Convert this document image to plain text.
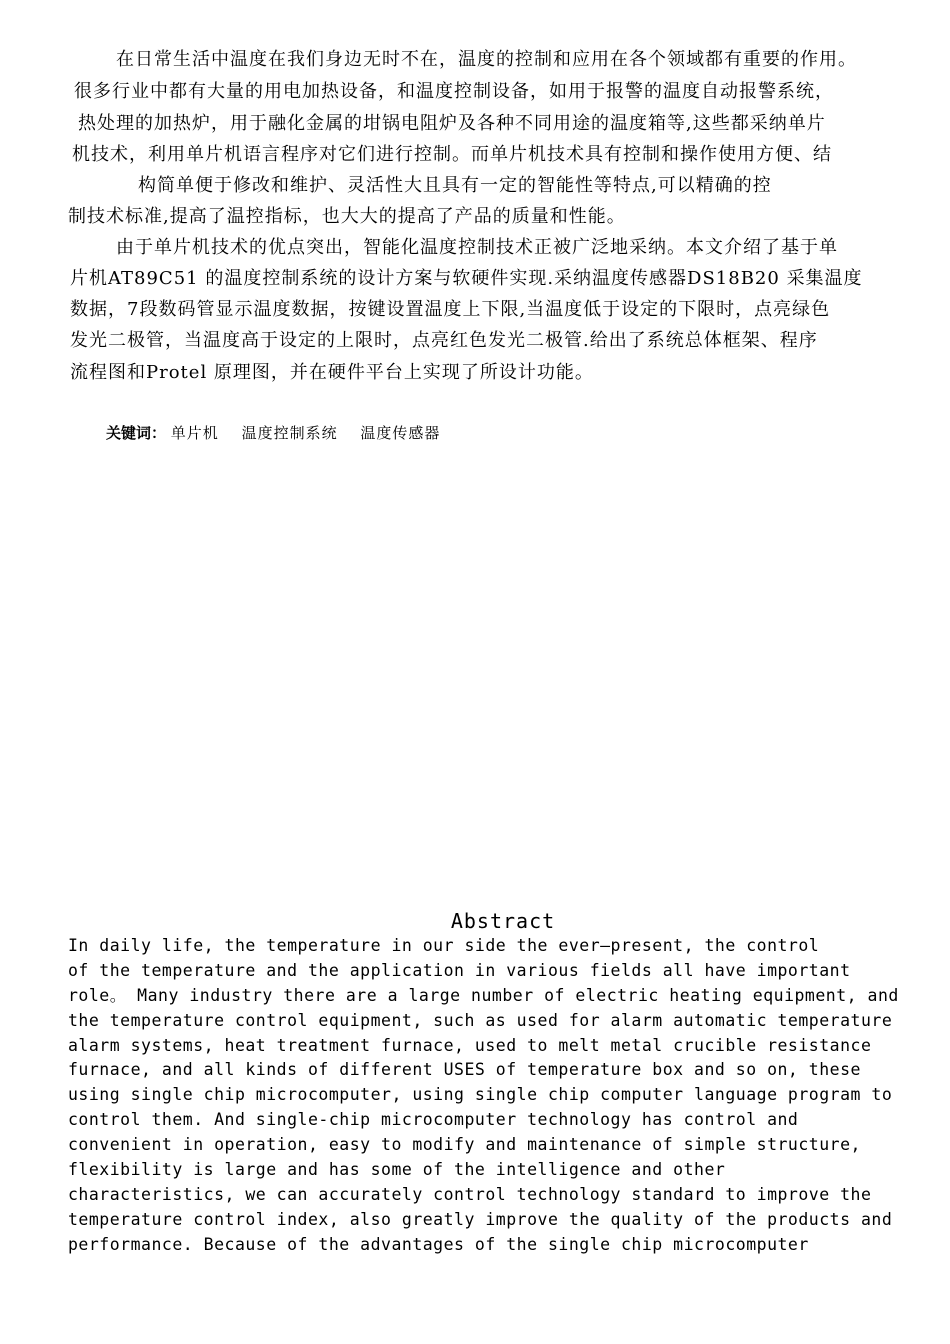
在日常生活中温度在我们身边无时不在，温度的控制和应用在各个领域都有重要的作用。
很多行业中都有大量的用电加热设备，和温度控制设备，如用于报警的温度自动报警系统，
热处理的加热炉，用于融化金属的坩锅电阻炉及各种不同用途的温度箱等,这些都采纳单片
机技术，利用单片机语言程序对它们进行控制。而单片机技术具有控制和操作使用方便、结
构简单便于修改和维护、灵活性大且具有一定的智能性等特点,可以精确的控
制技术标准,提高了温控指标，也大大的提高了产品的质量和性能。
由于单片机技术的优点突出，智能化温度控制技术正被广泛地采纳。本文介绍了基于单
片机AT89C51 的温度控制系统的设计方案与软硬件实现.采纳温度传感器DS18B20 采集温度
数据，7段数码管显示温度数据，按键设置温度上下限,当温度低于设定的下限时，点亮绿色
发光二极管，当温度高于设定的上限时，点亮红色发光二极管.给出了系统总体框架、程序
流程图和Protel 原理图，并在硬件平台上实现了所设计功能。
关键词： 单片机 温度控制系统 温度传感器
Abstract
In daily life, the temperature in our side the ever—present, the control
of the temperature and the application in various fields all have important
role。 Many industry there are a large number of electric heating equipment, and
the temperature control equipment, such as used for alarm automatic temperature
alarm systems, heat treatment furnace, used to melt metal crucible resistance
furnace, and all kinds of different USES of temperature box and so on, these
using single chip microcomputer, using single chip computer language program to
control them. And single-chip microcomputer technology has control and
convenient in operation, easy to modify and maintenance of simple structure,
flexibility is large and has some of the intelligence and other
characteristics, we can accurately control technology standard to improve the
temperature control index, also greatly improve the quality of the products and
performance. Because of the advantages of the single chip microcomputer
